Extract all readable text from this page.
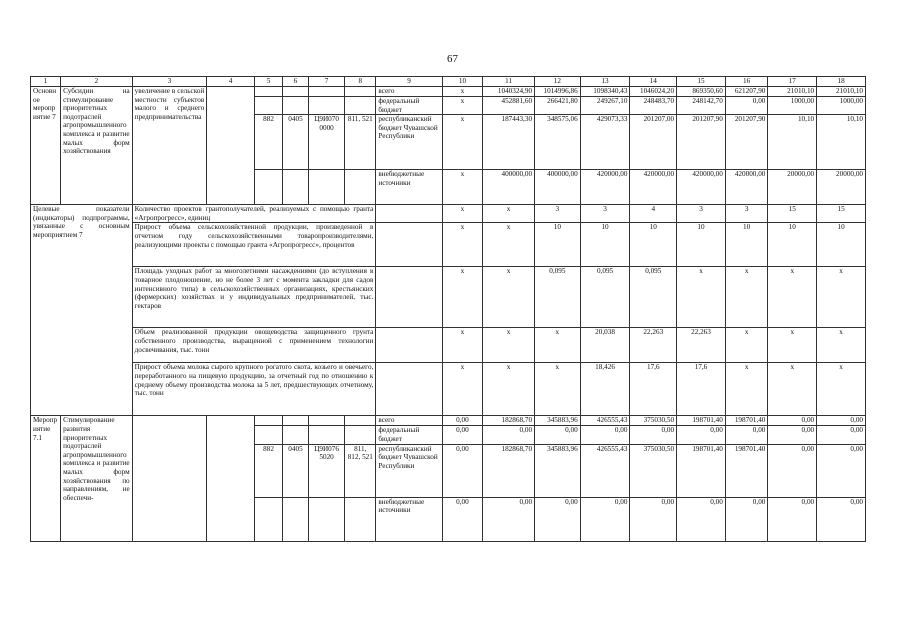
67
1	2	3	4	5	6	7	8	9	10	11	12	13	14	15	16	17	18
Основное мероприятие 7	Субсидии на стимулирование приоритетных подотраслей агропромышленного комплекса и развитие малых форм хозяйствования	увеличение в сельской местности субъектов малого и среднего предпринимательства						всего	x	1040324,90	1014996,86	1098340,43	1046024,20	869350,60	621207,90	21010,10	21010,10
								федеральный бюджет	x	452881,60	266421,80	249267,10	248483,70	248142,70	0,00	1000,00	1000,00
				882	0405	Ц9И070 0000	811, 521	республиканский бюджет Чувашской Республики	x	187443,30	348575,06	429073,33	201207,00	201207,90	201207,90	10,10	10,10
								внебюджетные источники	x	400000,00	400000,00	420000,00	420000,00	420000,00	420000,00	20000,00	20000,00
Целевые показатели (индикаторы) подпрограммы, увязанные с основным мероприятием 7		Количество проектов грантополучателей, реализуемых с помощью гранта «Агропрогресс», единиц							x	x	3	3	4	3	3	15	15
		Прирост объема сельскохозяйственной продукции, произведенной в отчетном году сельскохозяйственными товаропроизводителями, реализующими проекты с помощью гранта «Агропрогресс», процентов							x	x	10	10	10	10	10	10	10
		Площадь уходных работ за многолетними насаждениями (до вступления в товарное плодоношение, но не более 3 лет с момента закладки для садов интенсивного типа) в сельскохозяйственных организациях, крестьянских (фермерских) хозяйствах и у индивидуальных предпринимателей, тыс. гектаров							x	x	0,095	0,095	0,095	x	x	x	x
		Объем реализованной продукции овощеводства защищенного грунта собственного производства, выращенной с применением технологии досвечивания, тыс. тонн							x	x	x	20,038	22,263	22,263	x	x	x
		Прирост объема молока сырого крупного рогатого скота, козьего и овечьего, переработанного на пищевую продукцию, за отчетный год по отношению к среднему объему производства молока за 5 лет, предшествующих отчетному, тыс. тонн							x	x	x	18,426	17,6	17,6	x	x	x
Мероприятие 7.1	Стимулирование развития приоритетных подотраслей агропромышленного комплекса и развитие малых форм хозяйствования по направлениям, не обеспечи-							всего	0,00	182868,70	345883,96	426555,43	375030,50	198701,40	198701,40	0,00	0,00
								федеральный бюджет	0,00	0,00	0,00	0,00	0,00	0,00	0,00	0,00	0,00
				882	0405	Ц9И076 5020	811, 812, 521	республиканский бюджет Чувашской Республики	0,00	182868,70	345883,96	426555,43	375030,50	198701,40	198701,40	0,00	0,00
								внебюджетные источники	0,00	0,00	0,00	0,00	0,00	0,00	0,00	0,00	0,00
